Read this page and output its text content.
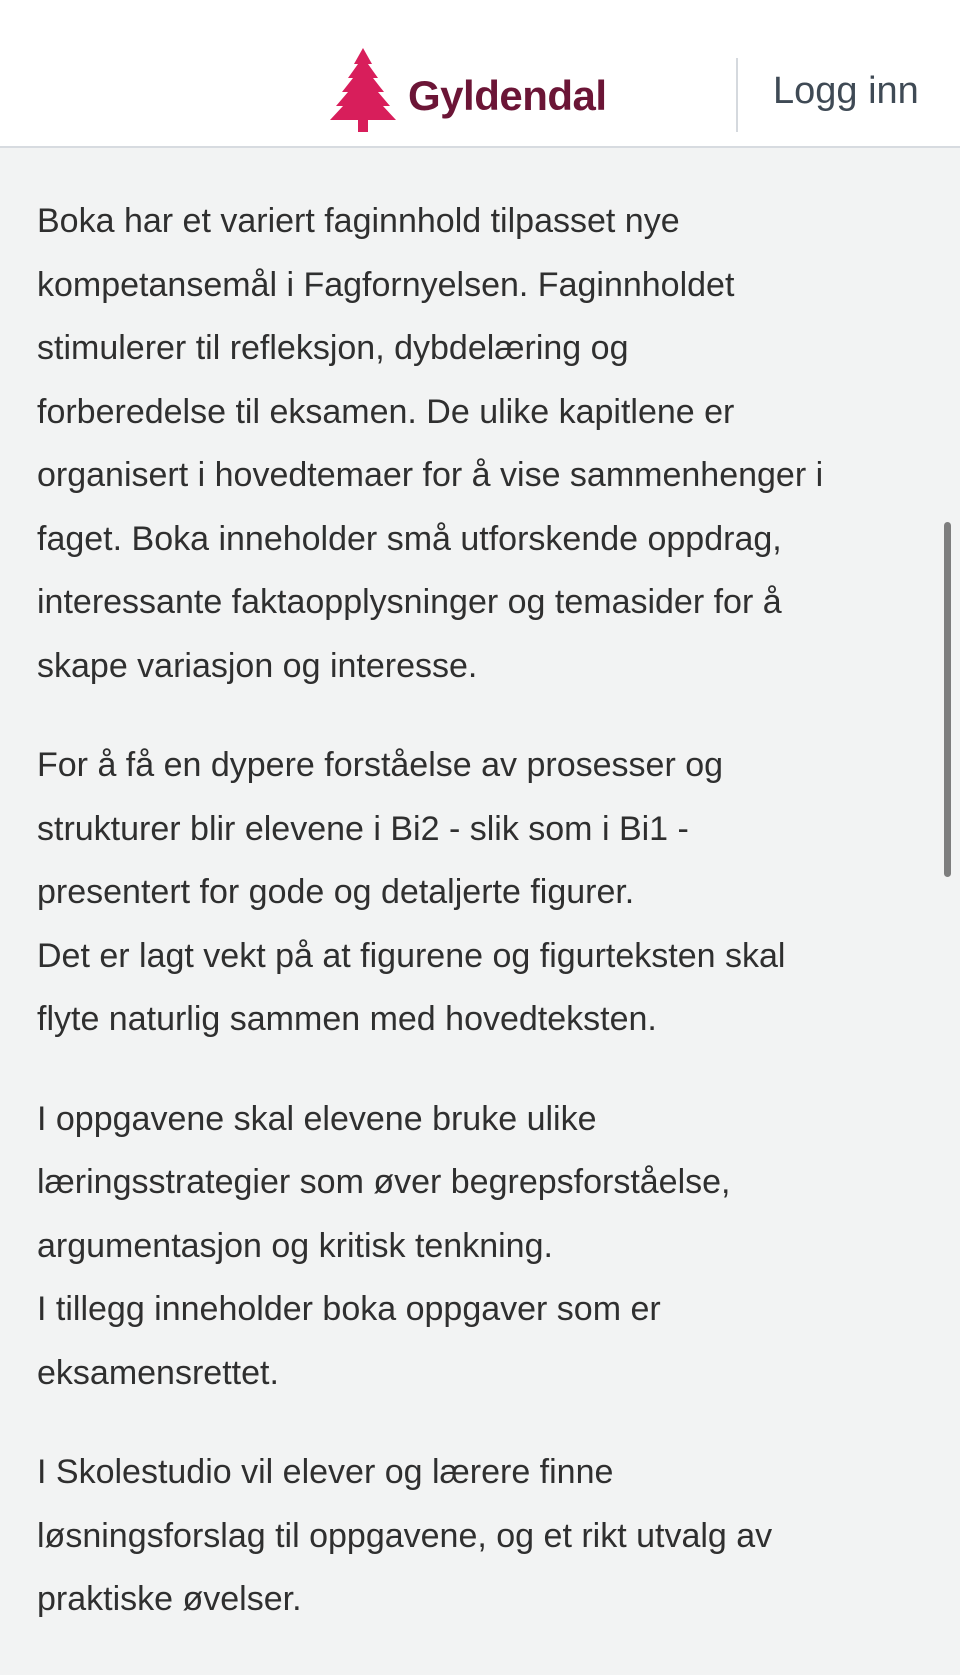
Gyldendal	Logg inn

Boka har et variert faginnhold tilpasset nye
kompetansemål i Fagfornyelsen. Faginnholdet
stimulerer til refleksjon, dybdelæring og
forberedelse til eksamen. De ulike kapitlene er
organisert i hovedtemaer for å vise sammenhenger i
faget. Boka inneholder små utforskende oppdrag,
interessante faktaopplysninger og temasider for å
skape variasjon og interesse.

For å få en dypere forståelse av prosesser og
strukturer blir elevene i Bi2 - slik som i Bi1 -
presentert for gode og detaljerte figurer.
Det er lagt vekt på at figurene og figurteksten skal
flyte naturlig sammen med hovedteksten.

I oppgavene skal elevene bruke ulike
læringsstrategier som øver begrepsforståelse,
argumentasjon og kritisk tenkning.
I tillegg inneholder boka oppgaver som er
eksamensrettet.

I Skolestudio vil elever og lærere finne
løsningsforslag til oppgavene, og et rikt utvalg av
praktiske øvelser.
